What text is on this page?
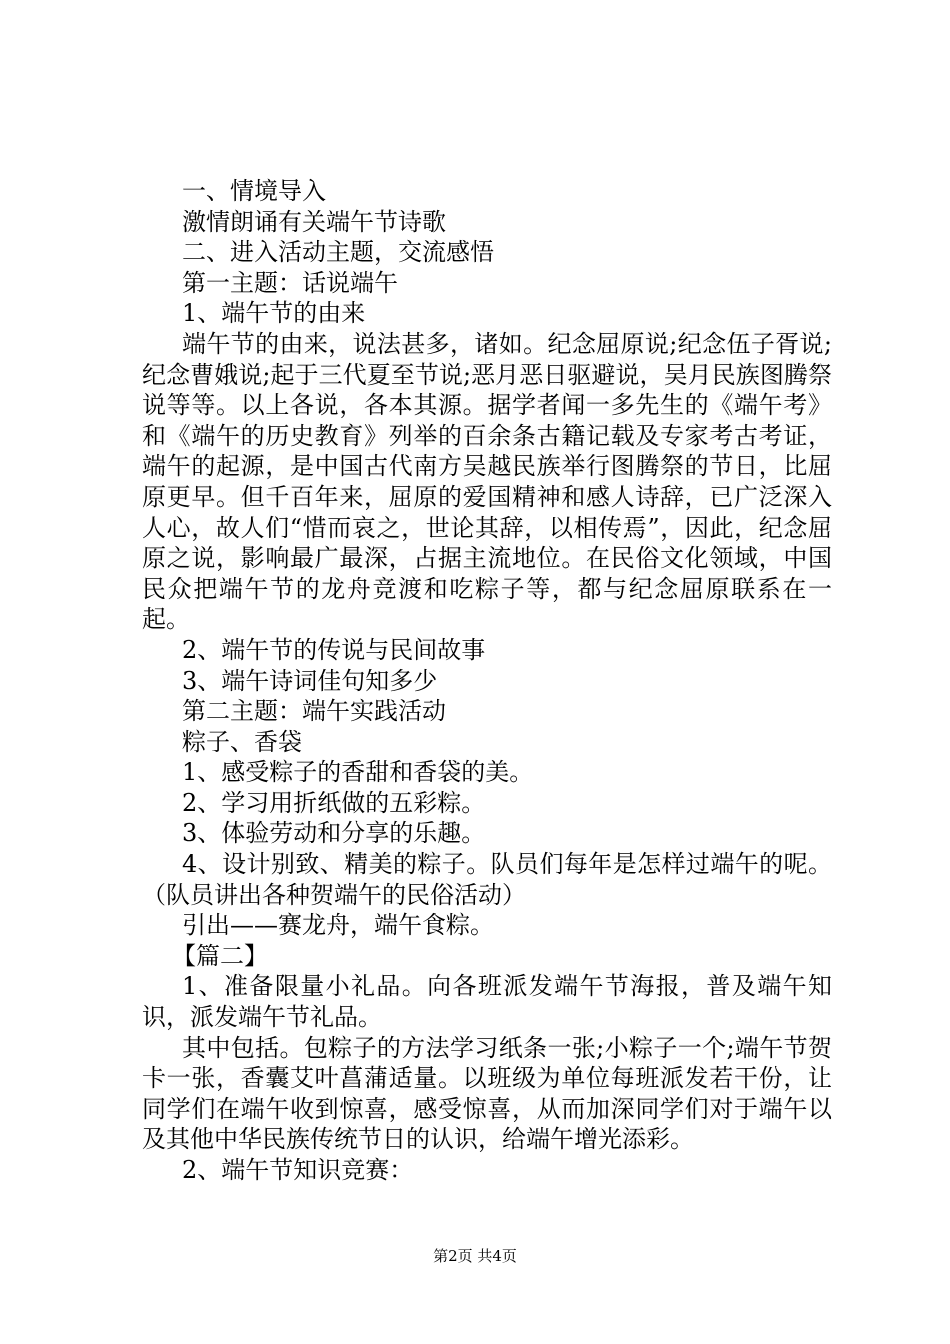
一、情境导入

激情朗诵有关端午节诗歌

二、进入活动主题，交流感悟

第一主题：话说端午

1、端午节的由来

端午节的由来，说法甚多，诸如。纪念屈原说;纪念伍子胥说;纪念曹娥说;起于三代夏至节说;恶月恶日驱避说，吴月民族图腾祭说等等。以上各说，各本其源。据学者闻一多先生的《端午考》和《端午的历史教育》列举的百余条古籍记载及专家考古考证，端午的起源，是中国古代南方吴越民族举行图腾祭的节日，比屈原更早。但千百年来，屈原的爱国精神和感人诗辞，已广泛深入人心，故人们“惜而哀之，世论其辞，以相传焉”，因此，纪念屈原之说，影响最广最深，占据主流地位。在民俗文化领域，中国民众把端午节的龙舟竞渡和吃粽子等，都与纪念屈原联系在一起。

2、端午节的传说与民间故事

3、端午诗词佳句知多少

第二主题：端午实践活动

粽子、香袋

1、感受粽子的香甜和香袋的美。

2、学习用折纸做的五彩粽。

3、体验劳动和分享的乐趣。

4、设计别致、精美的粽子。队员们每年是怎样过端午的呢。（队员讲出各种贺端午的民俗活动）

引出——赛龙舟，端午食粽。

【篇二】

1、准备限量小礼品。向各班派发端午节海报，普及端午知识，派发端午节礼品。

其中包括。包粽子的方法学习纸条一张;小粽子一个;端午节贺卡一张，香囊艾叶菖蒲适量。以班级为单位每班派发若干份，让同学们在端午收到惊喜，感受惊喜，从而加深同学们对于端午以及其他中华民族传统节日的认识，给端午增光添彩。

2、端午节知识竞赛：

第2页 共4页
